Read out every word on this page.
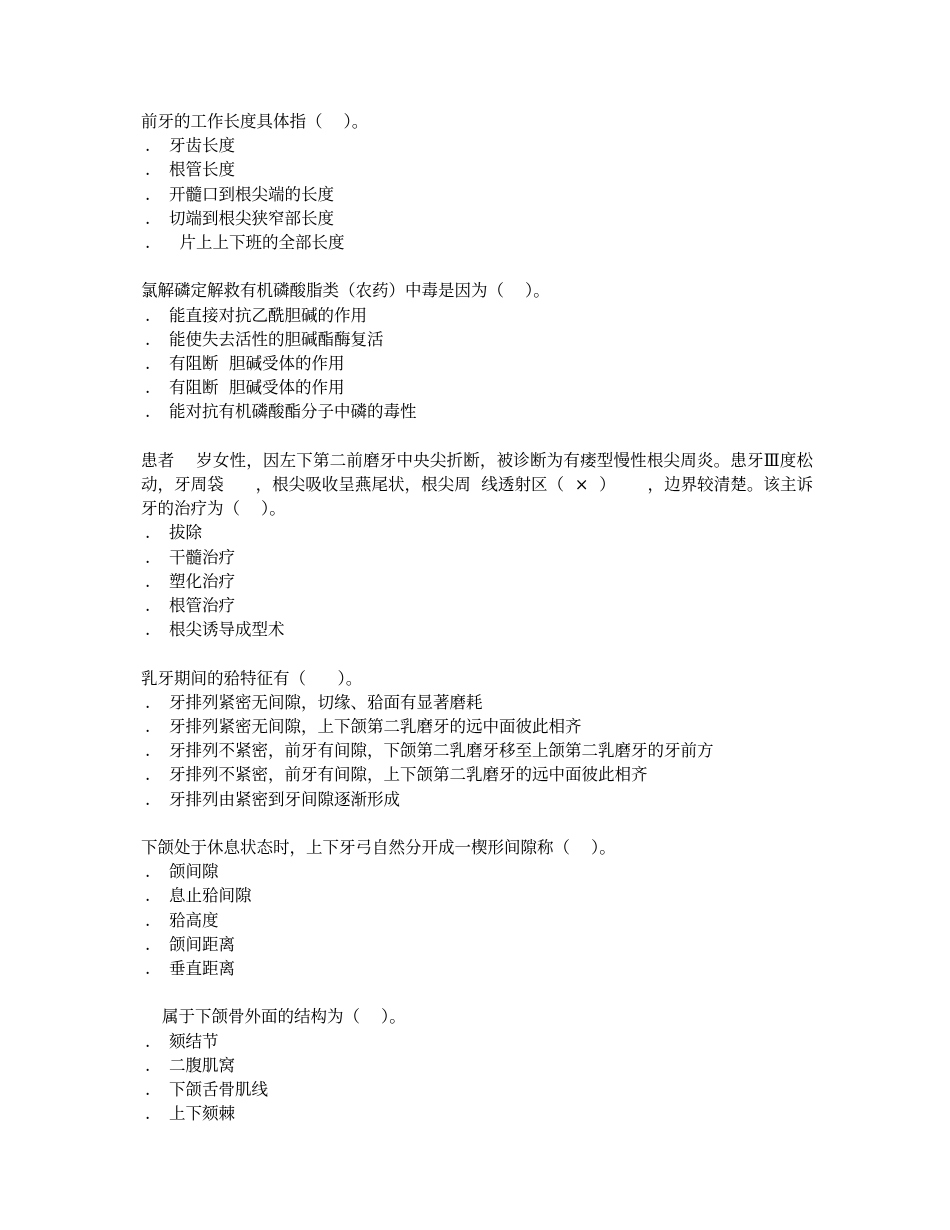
前牙的工作长度具体指（    ）。

. 牙齿长度

. 根管长度

. 开髓口到根尖端的长度

. 切端到根尖狭窄部长度

.  片上上下班的全部长度

氯解磷定解救有机磷酸脂类（农药）中毒是因为（    ）。

. 能直接对抗乙酰胆碱的作用

. 能使失去活性的胆碱酯酶复活

. 有阻断  胆碱受体的作用

. 有阻断  胆碱受体的作用

. 能对抗有机磷酸酯分子中磷的毒性

患者    岁女性，因左下第二前磨牙中央尖折断，被诊断为有瘘型慢性根尖周炎。患牙Ⅲ度松动，牙周袋      ，根尖吸收呈燕尾状，根尖周  线透射区（  ×  ）      ，边界较清楚。该主诉牙的治疗为（    ）。

. 拔除

. 干髓治疗

. 塑化治疗

. 根管治疗

. 根尖诱导成型术

乳牙期间的𬌗特征有（      ）。

. 牙排列紧密无间隙，切缘、𬌗面有显著磨耗

. 牙排列紧密无间隙，上下颌第二乳磨牙的远中面彼此相齐

. 牙排列不紧密，前牙有间隙，下颌第二乳磨牙移至上颌第二乳磨牙的牙前方

. 牙排列不紧密，前牙有间隙，上下颌第二乳磨牙的远中面彼此相齐

. 牙排列由紧密到牙间隙逐渐形成

下颌处于休息状态时，上下牙弓自然分开成一楔形间隙称（    ）。

. 颌间隙

. 息止𬌗间隙

. 𬌗高度

. 颌间距离

. 垂直距离

属于下颌骨外面的结构为（    ）。

. 颏结节

. 二腹肌窝

. 下颌舌骨肌线

. 上下颏棘
